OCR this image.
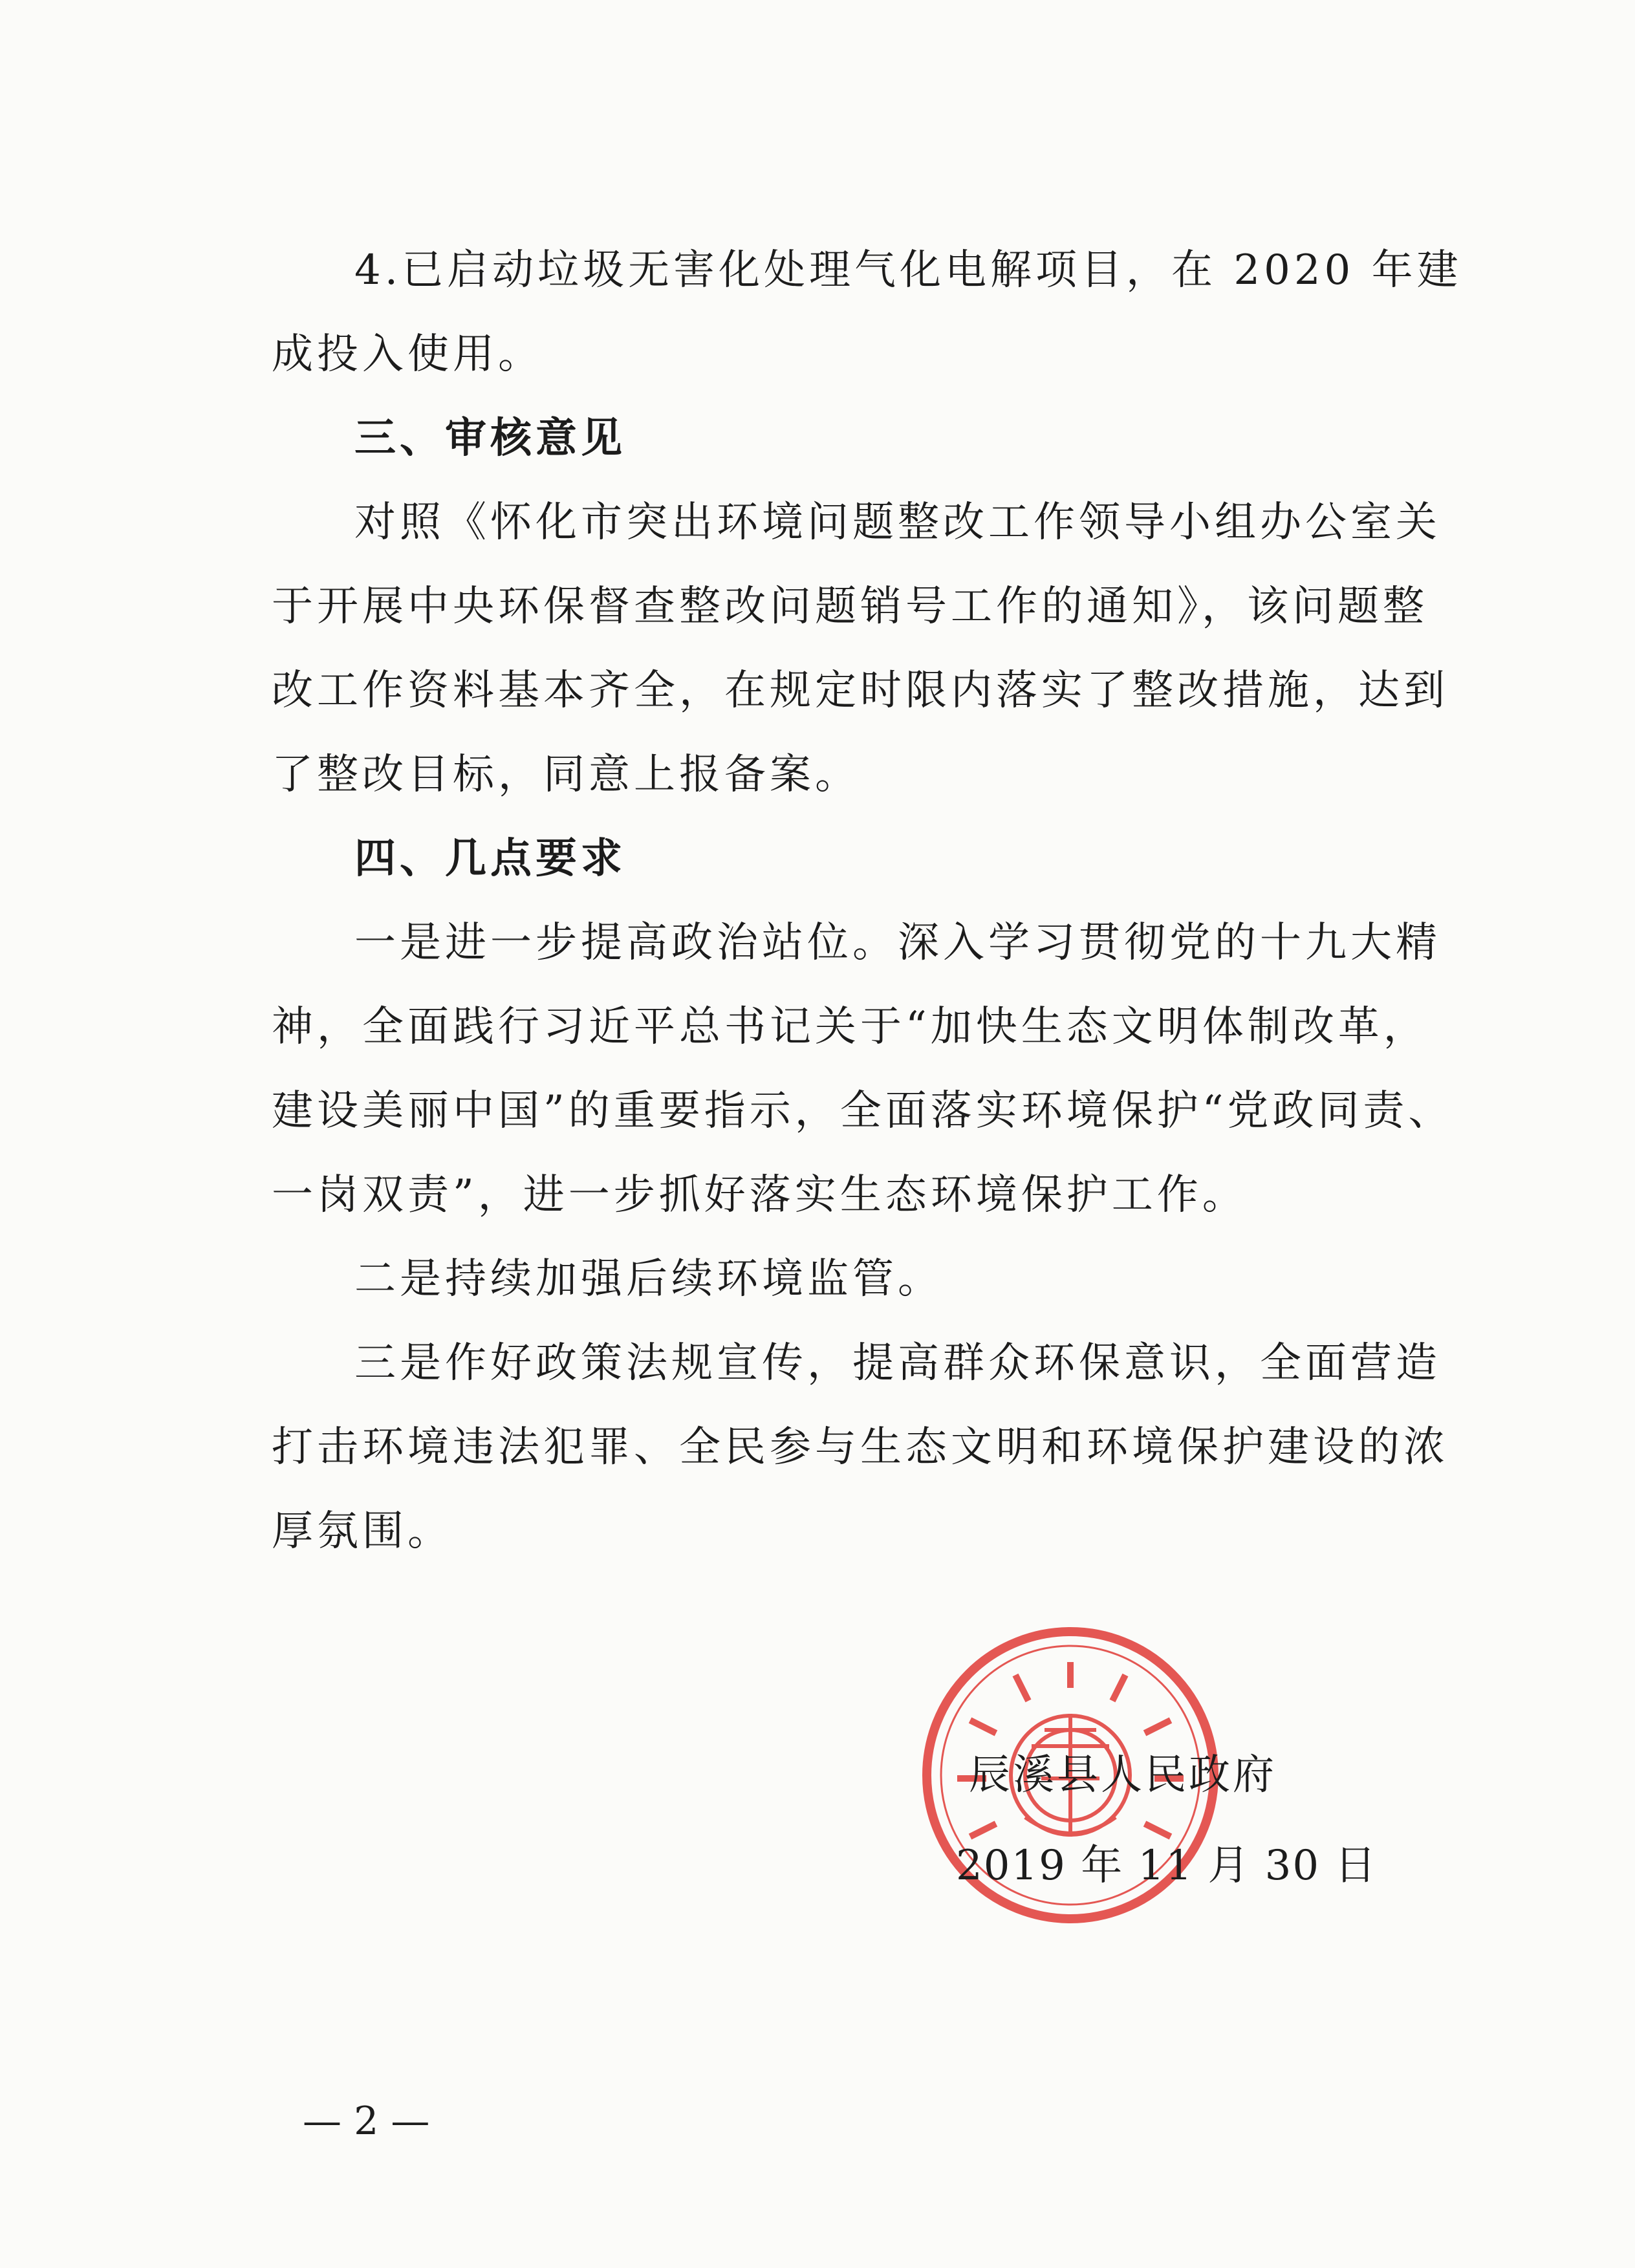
4.已启动垃圾无害化处理气化电解项目，在 2020 年建
成投入使用。
三、审核意见
对照《怀化市突出环境问题整改工作领导小组办公室关
于开展中央环保督查整改问题销号工作的通知》，该问题整
改工作资料基本齐全，在规定时限内落实了整改措施，达到
了整改目标，同意上报备案。
四、几点要求
一是进一步提高政治站位。深入学习贯彻党的十九大精
神，全面践行习近平总书记关于“加快生态文明体制改革，
建设美丽中国”的重要指示，全面落实环境保护“党政同责、
一岗双责”，进一步抓好落实生态环境保护工作。
二是持续加强后续环境监管。
三是作好政策法规宣传，提高群众环保意识，全面营造
打击环境违法犯罪、全民参与生态文明和环境保护建设的浓
厚氛围。
辰溪县人民政府
2019 年 11 月 30 日
— 2 —
